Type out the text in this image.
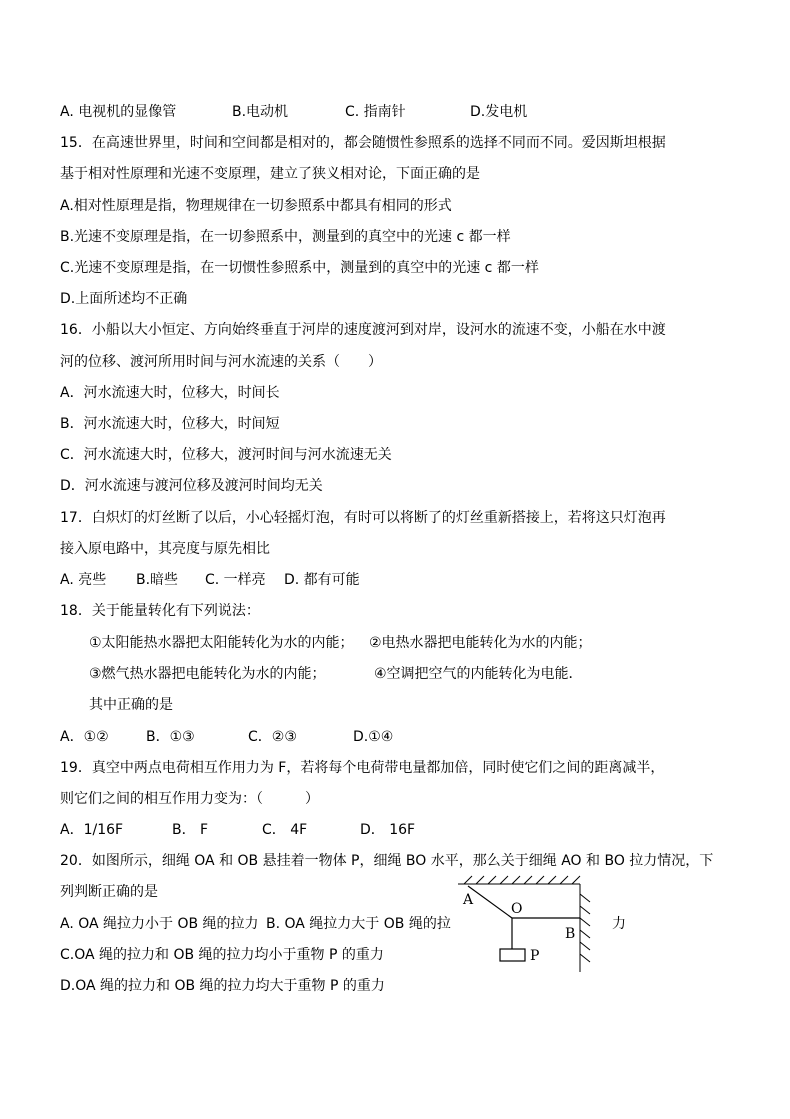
A. 电视机的显像管	B.电动机	C. 指南针	D.发电机
15．在高速世界里，时间和空间都是相对的，都会随惯性参照系的选择不同而不同。爱因斯坦根据
基于相对性原理和光速不变原理，建立了狭义相对论，下面正确的是
A.相对性原理是指，物理规律在一切参照系中都具有相同的形式
B.光速不变原理是指，在一切参照系中，测量到的真空中的光速 c 都一样
C.光速不变原理是指，在一切惯性参照系中，测量到的真空中的光速 c 都一样
D.上面所述均不正确
16．小船以大小恒定、方向始终垂直于河岸的速度渡河到对岸，设河水的流速不变，小船在水中渡
河的位移、渡河所用时间与河水流速的关系（　　）
A．河水流速大时，位移大，时间长
B．河水流速大时，位移大，时间短
C．河水流速大时，位移大，渡河时间与河水流速无关
D．河水流速与渡河位移及渡河时间均无关
17．白炽灯的灯丝断了以后，小心轻摇灯泡，有时可以将断了的灯丝重新搭接上，若将这只灯泡再
接入原电路中，其亮度与原先相比
A. 亮些 B.暗些 C. 一样亮 D. 都有可能
18．关于能量转化有下列说法：
①太阳能热水器把太阳能转化为水的内能； ②电热水器把电能转化为水的内能；
③燃气热水器把电能转化为水的内能；	④空调把空气的内能转化为电能．
其中正确的是
A．①②	B．①③	C．②③	D.①④
19．真空中两点电荷相互作用力为 F，若将每个电荷带电量都加倍，同时使它们之间的距离减半，
则它们之间的相互作用力变为：（　　　）
A．1/16F	B． F	C． 4F	D． 16F
20．如图所示，细绳 OA 和 OB 悬挂着一物体 P，细绳 BO 水平，那么关于细绳 AO 和 BO 拉力情况，下
列判断正确的是
A. OA 绳拉力小于 OB 绳的拉力 B. OA 绳拉力大于 OB 绳的拉	力
C.OA 绳的拉力和 OB 绳的拉力均小于重物 P 的重力
D.OA 绳的拉力和 OB 绳的拉力均大于重物 P 的重力
A
O
B
P
